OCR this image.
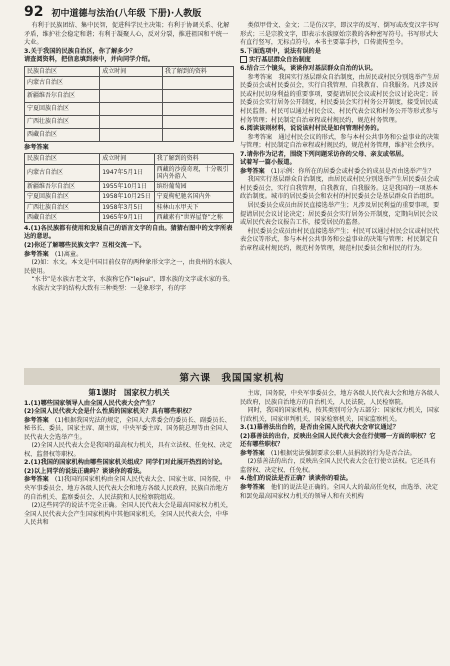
92 初中道德与法治(八年级 下册)·人教版

有利于民族团结、集中民智，促进科学民主决策；有利于协调关系、化解矛盾，维护社会稳定和谐；有利于凝聚人心，反对分裂，推进祖国和平统一大业。

3.关于我国的民族自治区，你了解多少？

请查阅资料，把信息填到表中，并向同学介绍。

民族自治区	成立时间	我了解到的资料
内蒙古自治区		
新疆维吾尔自治区		
宁夏回族自治区		
广西壮族自治区		
西藏自治区		

参考答案

民族自治区	成立时间	我了解到的资料
内蒙古自治区	1947年5月1日	西藏的沙漠奇观，十分吸引国内外游人
新疆维吾尔自治区	1955年10月1日	缤纷葡萄园
宁夏回族自治区	1958年10月25日	宁夏枸杞驰名国内外
广西壮族自治区	1958年3月5日	桂林山水甲天下
西藏自治区	1965年9月1日	西藏素有“世界屋脊”之称

4.(1)各民族都有使用和发展自己的语言文字的自由。猜猜右图中的文字所表达的意思。

(2)你还了解哪些民族文字？互相交流一下。

参考答案　(1)离童。

(2)如：水文。本文是中国目前仅存的两种象形文字之一，由贵州的水族人民使用。

“水书”是水族古老文字，水族称它作“lejsui”，即水族的文字或水家的书。

水族古文字的结构大致有三种类型：一是象形字，有的字

类似甲骨文、金文；二是仿汉字，即汉字的反写、倒写或改变汉字书写形式；三是宗教文字，即表示水族原始宗教的各种密写符号。书写形式大有直行竖写，无标点符号。本书主要靠手抄，口传流传至今。

5.下面选项中，说法有误的是

实行基层群众自治制度

6.结合三个镜头，谈谈你对基层群众自治的认识。

参考答案　我国实行基层群众自治制度，由居民或村民分别选举产生居民委员会或村民委员会，实行自我管理、自我教育、自我服务。凡涉及居民或村民切身利益的重要事项，要提请居民会议或村民会议讨论决定；居民委员会实行居务公开制度，村民委员会实行村务公开制度，接受居民或村民监督。村民可以通过村民会议、村民代表会议和村务公开等形式参与村务管理；村民制定自治章程或村规民约，规范村务管理。

6.阅读该则材料，说说该村村民是如何管理村务的。

参考答案　通过村民会议的形式，参与本村公共事务和公益事业的决策与管理；村民制定自治章程或村规民约，规范村务管理，维护社会秩序。

7.请你作为记者，围绕下列问题采访你的父母、亲友或邻居。

试着写一篇小报道。

参考答案　(1)示例：你所在的居委会或村委会的成员是否由选举产生？

我国实行基层群众自治制度，由居民或村民分别选举产生居民委员会或村民委员会，实行自我管理，自我教育，自我服务。这是我国的一项基本政治制度。城市的居民委员会和农村的村民委员会是基层群众自治组织。

居民委员会成员由居民直接选举产生；凡涉及居民利益的重要事项，要提请居民会议讨论决定；居民委员会实行居务公开制度，定期向居民会议或居民代表会议报告工作，接受居民的监督。

村民委员会成员由村民直接选举产生；村民可以通过村民会议或村民代表会议等形式，参与本村公共事务和公益事业的决策与管理；村民制定自治章程或村规民约，规范村务管理，规范村民委员会和村民的行为。

第六课　我国国家机构
第1课时　国家权力机关

1.(1)哪些国家领导人由全国人民代表大会产生？

(2)全国人民代表大会是什么性质的国家机关？具有哪些职权？

参考答案　(1)根据我国宪法的规定，全国人大常委会的委员长、副委员长、秘书长、委员，国家主席、副主席，中央军委主席、国务院总理等由全国人民代表大会选举产生。

(2)全国人民代表大会是我国的最高权力机关，具有立法权、任免权、决定权、监督权等职权。

2.(1)我国的国家机构由哪些国家机关组成？同学们对此展开热烈的讨论。

(2)以上同学的说法正确吗？谈谈你的看法。

参考答案　(1)我国的国家机构由全国人民代表大会、国家主席、国务院、中央军事委员会、地方各级人民代表大会和地方各级人民政府，民族自治地方的自治机关、监察委员会、人民法院和人民检察院组成。

(2)这些同学的说法不完全正确。全国人民代表大会是最高国家权力机关，全国人民代表大会产生国家机构中其他国家机关，全国人民代表大会，中华人民共和

主席，国务院，中央军事委员会，地方各级人民代表大会和地方各级人民政府，民族自治地方的自治机关，人民法院，人民检察院。

同时，我国的国家机构，按其类别可分为五部分：国家权力机关，国家行政机关，国家审判机关，国家检察机关，国家监察机关。

3.(1)慕善法出台的，是否由全国人民代表大会审议通过？

(2)慕善法的出台，反映出全国人民代表大会在行使哪一方面的职权？它还有哪些职权？

参考答案　(1)根据宪法强制要求公职人员捐款的行为是否合法。

(2)慕善法的出台，反映出全国人民代表大会在行使立法权。它还具有监督权、决定权、任免权。

4.他们的说法是否正确？谈谈你的看法。

参考答案　他们的说法是正确的。全国人大的最高任免权，由选举、决定和罢免最高国家权力机关的领导人和有关机构
